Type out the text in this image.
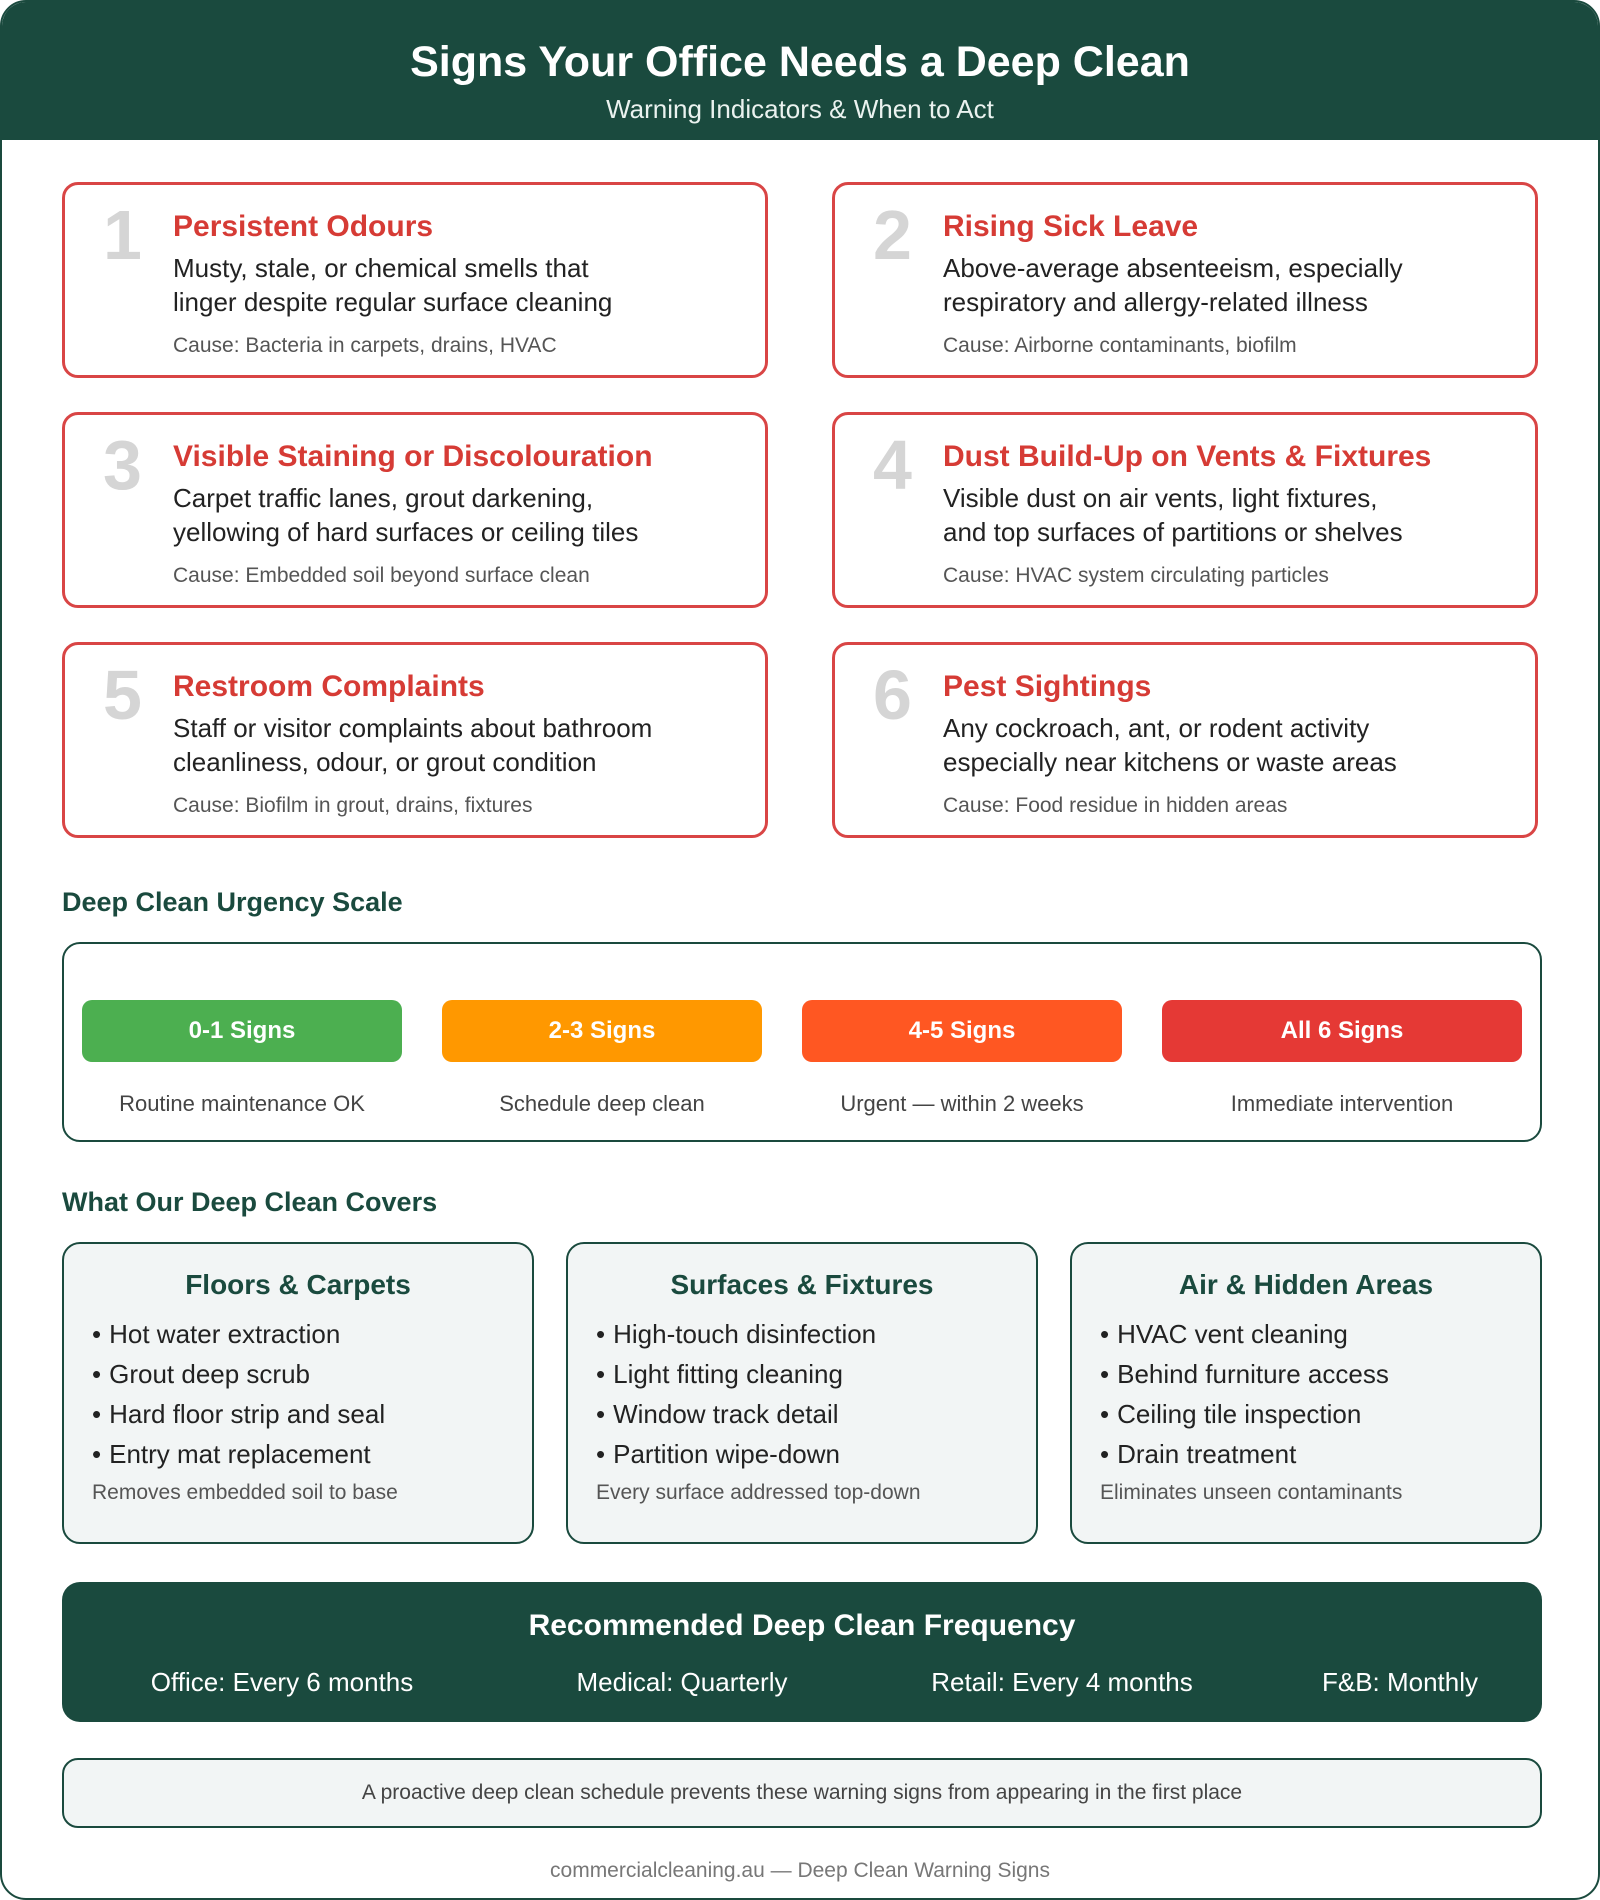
Signs Your Office Needs a Deep Clean
Warning Indicators & When to Act
1 Persistent Odours
Musty, stale, or chemical smells that
linger despite regular surface cleaning
Cause: Bacteria in carpets, drains, HVAC
2 Rising Sick Leave
Above-average absenteeism, especially
respiratory and allergy-related illness
Cause: Airborne contaminants, biofilm
3 Visible Staining or Discolouration
Carpet traffic lanes, grout darkening,
yellowing of hard surfaces or ceiling tiles
Cause: Embedded soil beyond surface clean
4 Dust Build-Up on Vents & Fixtures
Visible dust on air vents, light fixtures,
and top surfaces of partitions or shelves
Cause: HVAC system circulating particles
5 Restroom Complaints
Staff or visitor complaints about bathroom
cleanliness, odour, or grout condition
Cause: Biofilm in grout, drains, fixtures
6 Pest Sightings
Any cockroach, ant, or rodent activity
especially near kitchens or waste areas
Cause: Food residue in hidden areas
Deep Clean Urgency Scale
0-1 Signs
Routine maintenance OK
2-3 Signs
Schedule deep clean
4-5 Signs
Urgent — within 2 weeks
All 6 Signs
Immediate intervention
What Our Deep Clean Covers
Floors & Carpets
• Hot water extraction
• Grout deep scrub
• Hard floor strip and seal
• Entry mat replacement
Removes embedded soil to base
Surfaces & Fixtures
• High-touch disinfection
• Light fitting cleaning
• Window track detail
• Partition wipe-down
Every surface addressed top-down
Air & Hidden Areas
• HVAC vent cleaning
• Behind furniture access
• Ceiling tile inspection
• Drain treatment
Eliminates unseen contaminants
Recommended Deep Clean Frequency
Office: Every 6 months	Medical: Quarterly	Retail: Every 4 months	F&B: Monthly
A proactive deep clean schedule prevents these warning signs from appearing in the first place
commercialcleaning.au — Deep Clean Warning Signs
